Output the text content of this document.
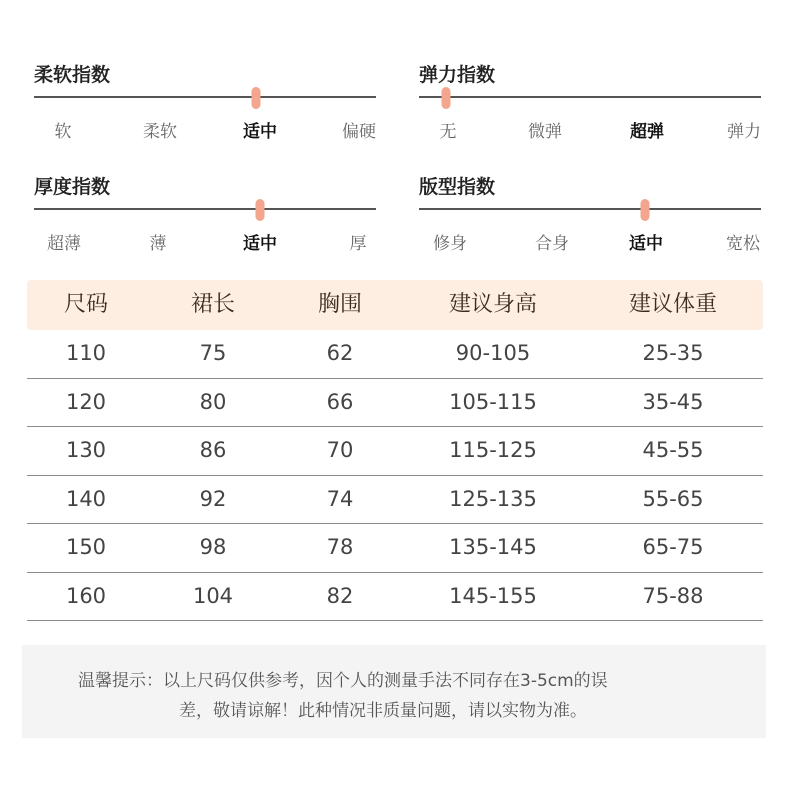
柔软指数
软	柔软	适中	偏硬
弹力指数
无	微弹	超弹	弹力
厚度指数
超薄	薄	适中	厚
版型指数
修身	合身	适中	宽松
尺码	裙长	胸围	建议身高	建议体重
110	75	62	90-105	25-35
120	80	66	105-115	35-45
130	86	70	115-125	45-55
140	92	74	125-135	55-65
150	98	78	135-145	65-75
160	104	82	145-155	75-88
温馨提示：以上尺码仅供参考，因个人的测量手法不同存在3-5cm的误
差，敬请谅解！此种情况非质量问题，请以实物为准。
